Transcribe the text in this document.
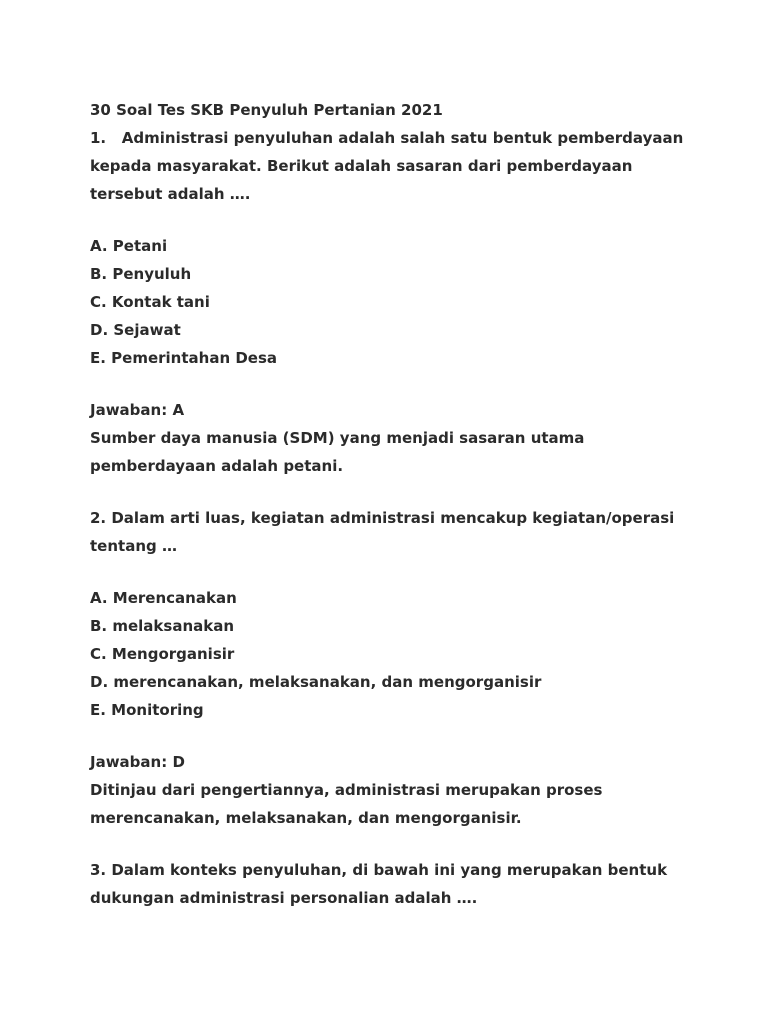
30 Soal Tes SKB Penyuluh Pertanian 2021
1.   Administrasi penyuluhan adalah salah satu bentuk pemberdayaan
kepada masyarakat. Berikut adalah sasaran dari pemberdayaan
tersebut adalah ….
A. Petani
B. Penyuluh
C. Kontak tani
D. Sejawat
E. Pemerintahan Desa
Jawaban: A
Sumber daya manusia (SDM) yang menjadi sasaran utama
pemberdayaan adalah petani.
2. Dalam arti luas, kegiatan administrasi mencakup kegiatan/operasi
tentang …
A. Merencanakan
B. melaksanakan
C. Mengorganisir
D. merencanakan, melaksanakan, dan mengorganisir
E. Monitoring
Jawaban: D
Ditinjau dari pengertiannya, administrasi merupakan proses
merencanakan, melaksanakan, dan mengorganisir.
3. Dalam konteks penyuluhan, di bawah ini yang merupakan bentuk
dukungan administrasi personalian adalah ….
